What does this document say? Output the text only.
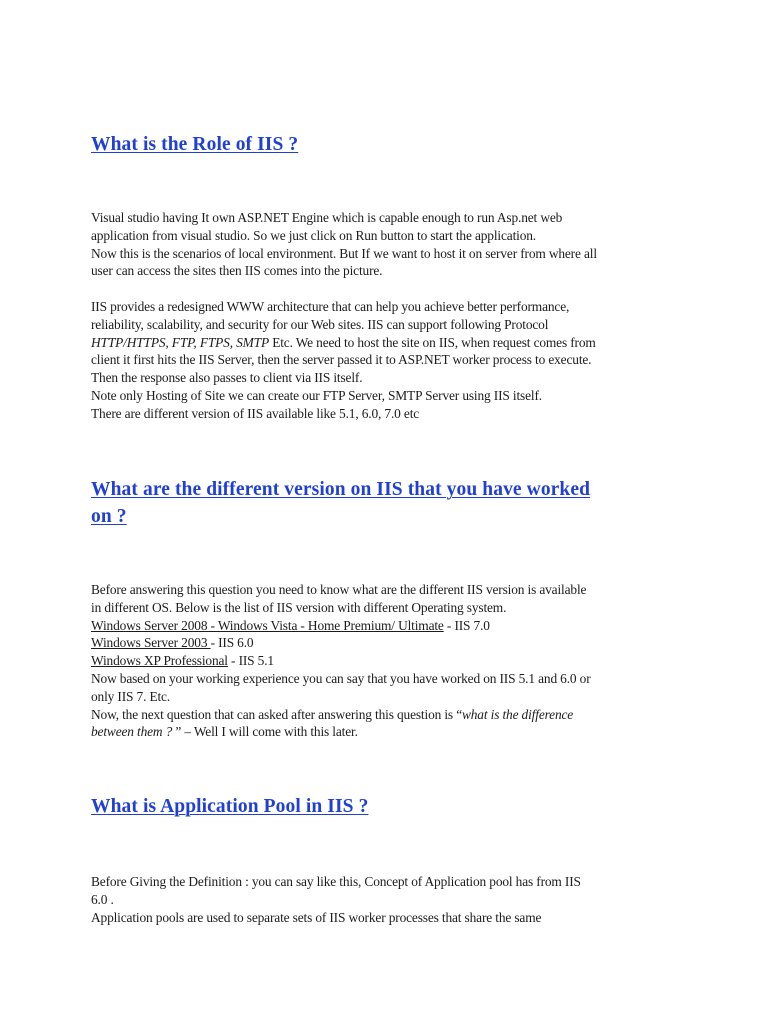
What is the Role of IIS ?

Visual studio having It own ASP.NET Engine which is capable enough to run Asp.net web
application from visual studio. So we just click on Run button to start the application.
Now this is the scenarios of local environment. But If we want to host it on server from where all
user can access the sites then IIS comes into the picture.

IIS provides a redesigned WWW architecture that can help you achieve better performance,
reliability, scalability, and security for our Web sites. IIS can support following Protocol
HTTP/HTTPS, FTP, FTPS, SMTP Etc. We need to host the site on IIS, when request comes from
client it first hits the IIS Server, then the server passed it to ASP.NET worker process to execute.
Then the response also passes to client via IIS itself.
Note only Hosting of Site we can create our FTP Server, SMTP Server using IIS itself.
There are different version of IIS available like 5.1, 6.0, 7.0 etc

What are the different version on IIS that you have worked
on ?

Before answering this question you need to know what are the different IIS version is available
in different OS. Below is the list of IIS version with different Operating system.
Windows Server 2008 - Windows Vista - Home Premium/ Ultimate - IIS 7.0
Windows Server 2003 - IIS 6.0
Windows XP Professional - IIS 5.1
Now based on your working experience you can say that you have worked on IIS 5.1 and 6.0 or
only IIS 7. Etc.
Now, the next question that can asked after answering this question is “what is the difference
between them ? ” – Well I will come with this later.

What is Application Pool in IIS ?

Before Giving the Definition : you can say like this, Concept of Application pool has from IIS
6.0 .
Application pools are used to separate sets of IIS worker processes that share the same
